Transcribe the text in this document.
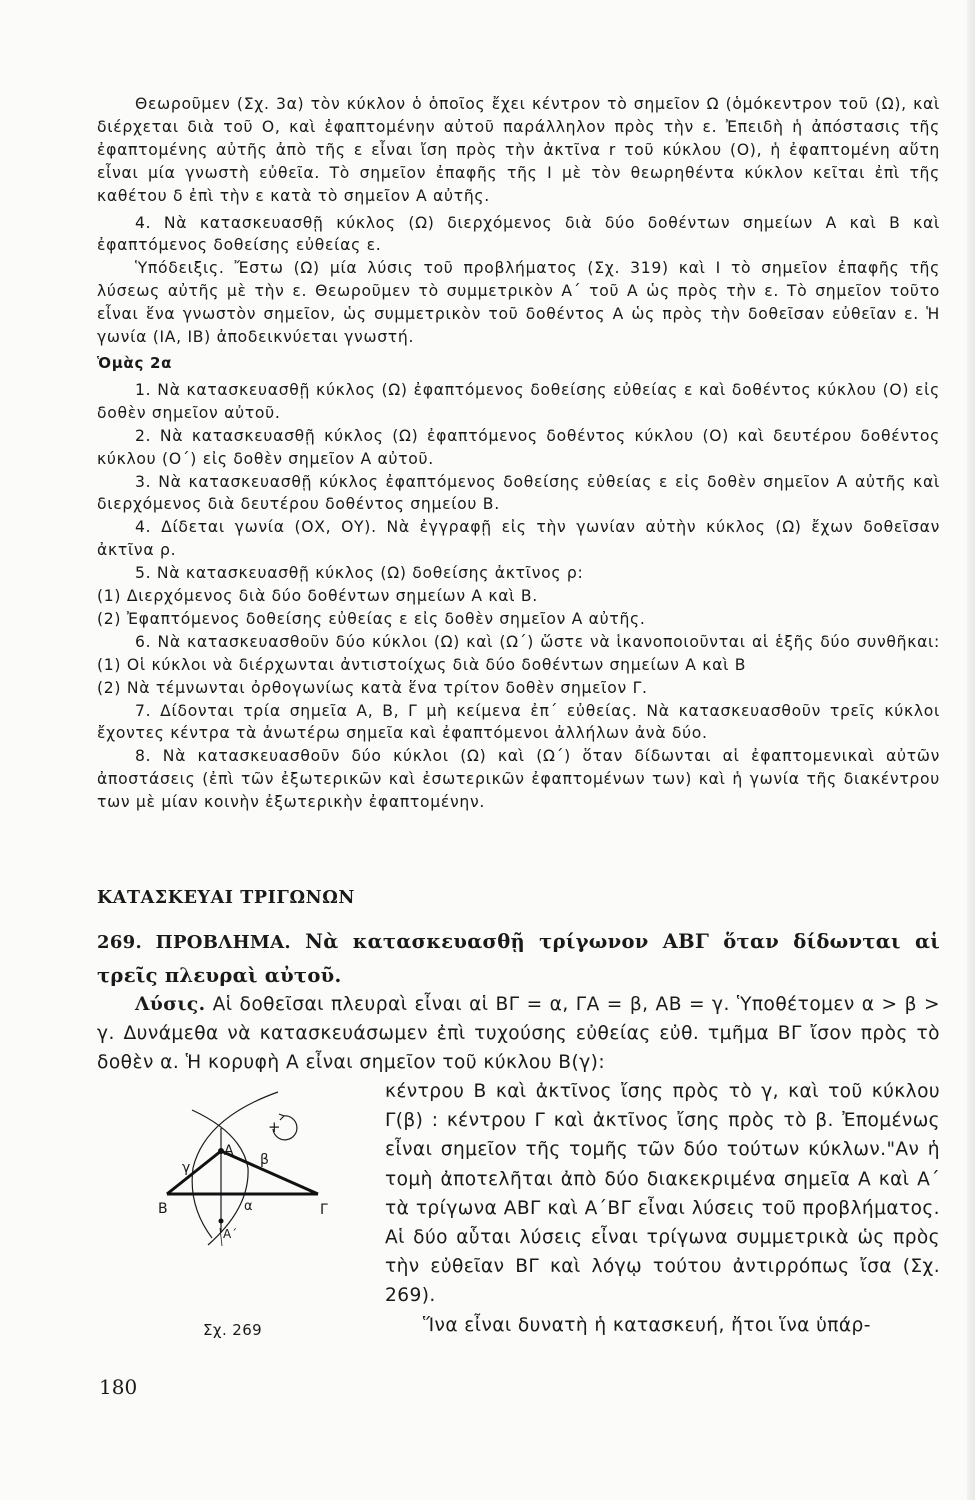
Θεωροῦμεν (Σχ. 3α) τὸν κύκλον ὁ ὁποῖος ἔχει κέντρον τὸ σημεῖον Ω (ὁμόκεντρον τοῦ (Ω), καὶ διέρχεται διὰ τοῦ Ο, καὶ ἐφαπτομένην αὐτοῦ παράλληλον πρὸς τὴν ε. Ἐπειδὴ ἡ ἀπόστασις τῆς ἐφαπτομένης αὐτῆς ἀπὸ τῆς ε εἶναι ἴση πρὸς τὴν ἀκτῖνα r τοῦ κύκλου (Ο), ἡ ἐφαπτομένη αὕτη εἶναι μία γνωστὴ εὐθεῖα. Τὸ σημεῖον ἐπαφῆς τῆς Ι μὲ τὸν θεωρηθέντα κύκλον κεῖται ἐπὶ τῆς καθέτου δ ἐπὶ τὴν ε κατὰ τὸ σημεῖον Α αὐτῆς.

4. Νὰ κατασκευασθῇ κύκλος (Ω) διερχόμενος διὰ δύο δοθέντων σημείων Α καὶ Β καὶ ἐφαπτόμενος δοθείσης εὐθείας ε.

Ὑπόδειξις. Ἔστω (Ω) μία λύσις τοῦ προβλήματος (Σχ. 319) καὶ Ι τὸ σημεῖον ἐπαφῆς τῆς λύσεως αὐτῆς μὲ τὴν ε. Θεωροῦμεν τὸ συμμετρικὸν Α΄ τοῦ Α ὡς πρὸς τὴν ε. Τὸ σημεῖον τοῦτο εἶναι ἕνα γνωστὸν σημεῖον, ὡς συμμετρικὸν τοῦ δοθέντος Α ὡς πρὸς τὴν δοθεῖσαν εὐθεῖαν ε. Ἡ γωνία (ΙΑ, ΙΒ) ἀποδεικνύεται γνωστή.

Ὁμὰς 2α

1. Νὰ κατασκευασθῇ κύκλος (Ω) ἐφαπτόμενος δοθείσης εὐθείας ε καὶ δοθέντος κύκλου (Ο) εἰς δοθὲν σημεῖον αὐτοῦ.

2. Νὰ κατασκευασθῇ κύκλος (Ω) ἐφαπτόμενος δοθέντος κύκλου (Ο) καὶ δευτέρου δοθέντος κύκλου (Ο΄) εἰς δοθὲν σημεῖον Α αὐτοῦ.

3. Νὰ κατασκευασθῇ κύκλος ἐφαπτόμενος δοθείσης εὐθείας ε εἰς δοθὲν σημεῖον Α αὐτῆς καὶ διερχόμενος διὰ δευτέρου δοθέντος σημείου Β.

4. Δίδεται γωνία (ΟΧ, ΟΥ). Νὰ ἐγγραφῇ εἰς τὴν γωνίαν αὐτὴν κύκλος (Ω) ἔχων δοθεῖσαν ἀκτῖνα ρ.

5. Νὰ κατασκευασθῇ κύκλος (Ω) δοθείσης ἀκτῖνος ρ:

(1) Διερχόμενος διὰ δύο δοθέντων σημείων Α καὶ Β.

(2) Ἐφαπτόμενος δοθείσης εὐθείας ε εἰς δοθὲν σημεῖον Α αὐτῆς.

6. Νὰ κατασκευασθοῦν δύο κύκλοι (Ω) καὶ (Ω΄) ὥστε νὰ ἱκανοποιοῦνται αἱ ἑξῆς δύο συνθῆκαι: (1) Οἱ κύκλοι νὰ διέρχωνται ἀντιστοίχως διὰ δύο δοθέντων σημείων Α καὶ Β

(2) Νὰ τέμνωνται ὀρθογωνίως κατὰ ἕνα τρίτον δοθὲν σημεῖον Γ.

7. Δίδονται τρία σημεῖα Α, Β, Γ μὴ κείμενα ἐπ΄ εὐθείας. Νὰ κατασκευασθοῦν τρεῖς κύκλοι ἔχοντες κέντρα τὰ ἀνωτέρω σημεῖα καὶ ἐφαπτόμενοι ἀλλήλων ἀνὰ δύο.

8. Νὰ κατασκευασθοῦν δύο κύκλοι (Ω) καὶ (Ω΄) ὅταν δίδωνται αἱ ἐφαπτομενικαὶ αὐτῶν ἀποστάσεις (ἐπὶ τῶν ἐξωτερικῶν καὶ ἐσωτερικῶν ἐφαπτομένων των) καὶ ἡ γωνία τῆς διακέντρου των μὲ μίαν κοινὴν ἐξωτερικὴν ἐφαπτομένην.

ΚΑΤΑΣΚΕΥΑΙ ΤΡΙΓΩΝΩΝ
269. ΠΡΟΒΛΗΜΑ. Νὰ κατασκευασθῇ τρίγωνον ΑΒΓ ὅταν δίδωνται αἱ τρεῖς πλευραὶ αὐτοῦ.

Λύσις. Αἱ δοθεῖσαι πλευραὶ εἶναι αἱ ΒΓ = α, ΓΑ = β, ΑΒ = γ. Ὑποθέτομεν α > β > γ. Δυνάμεθα νὰ κατασκευάσωμεν ἐπὶ τυχούσης εὐθείας εὐθ. τμῆμα ΒΓ ἴσον πρὸς τὸ δοθὲν α. Ἡ κορυφὴ Α εἶναι σημεῖον τοῦ κύκλου Β(γ):

A
A΄
B	Γ
α
β
γ
+

κέντρου Β καὶ ἀκτῖνος ἴσης πρὸς τὸ γ, καὶ τοῦ κύκλου Γ(β) : κέντρου Γ καὶ ἀκτῖνος ἴσης πρὸς τὸ β. Ἐπομένως εἶναι σημεῖον τῆς τομῆς τῶν δύο τούτων κύκλων."Αν ἡ τομὴ ἀποτελῆται ἀπὸ δύο διακεκριμένα σημεῖα Α καὶ Α΄ τὰ τρίγωνα ΑΒΓ καὶ Α΄ΒΓ εἶναι λύσεις τοῦ προβλήματος. Αἱ δύο αὗται λύσεις εἶναι τρίγωνα συμμετρικὰ ὡς πρὸς τὴν εὐθεῖαν ΒΓ καὶ λόγῳ τούτου ἀντιρρόπως ἴσα (Σχ. 269).

Ἵνα εἶναι δυνατὴ ἡ κατασκευή, ἤτοι ἵνα ὑπάρ-

Σχ. 269
180
